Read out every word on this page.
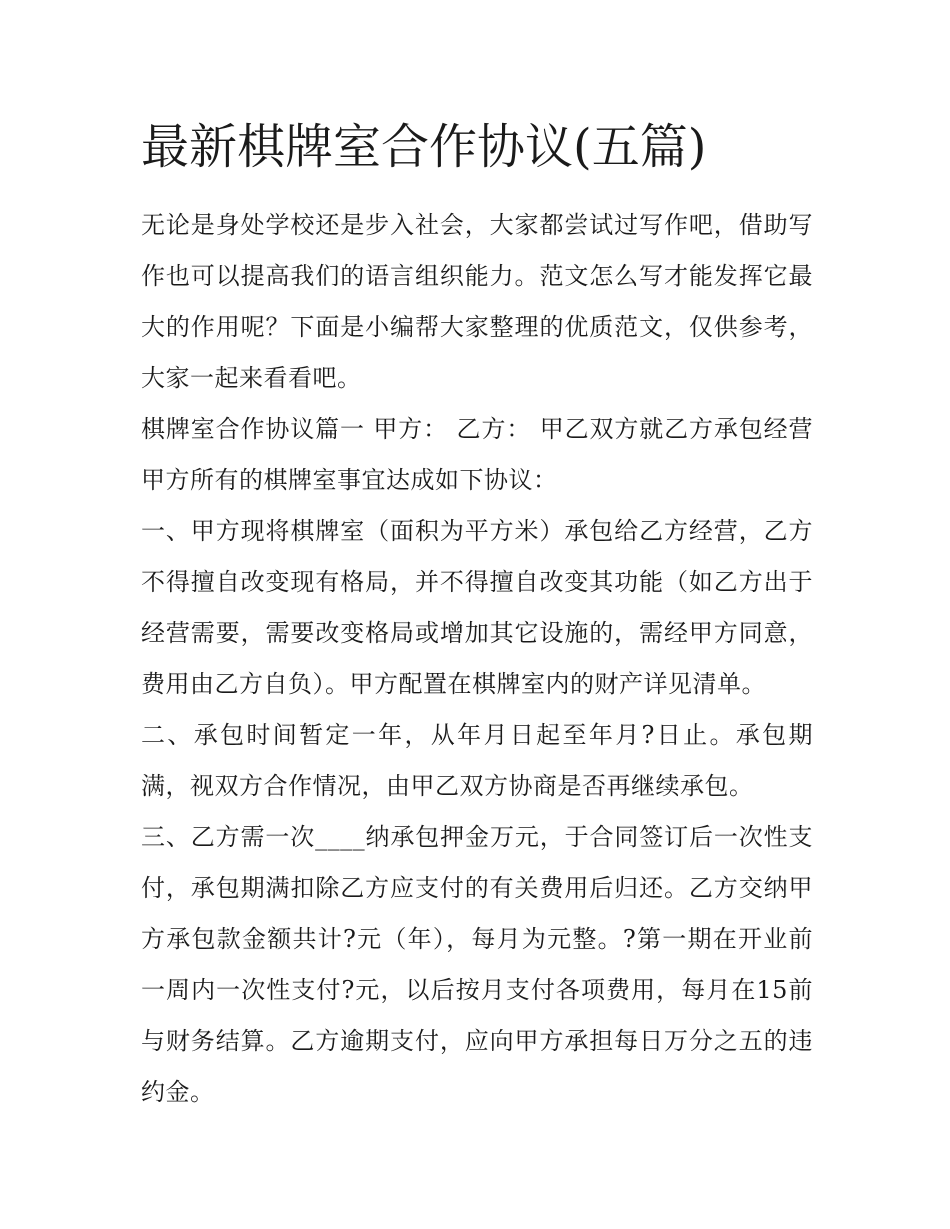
最新棋牌室合作协议(五篇)

无论是身处学校还是步入社会，大家都尝试过写作吧，借助写作也可以提高我们的语言组织能力。范文怎么写才能发挥它最大的作用呢？下面是小编帮大家整理的优质范文，仅供参考，大家一起来看看吧。

棋牌室合作协议篇一 甲方： 乙方： 甲乙双方就乙方承包经营甲方所有的棋牌室事宜达成如下协议：

一、甲方现将棋牌室（面积为平方米）承包给乙方经营，乙方不得擅自改变现有格局，并不得擅自改变其功能（如乙方出于经营需要，需要改变格局或增加其它设施的，需经甲方同意，费用由乙方自负）。甲方配置在棋牌室内的财产详见清单。

二、承包时间暂定一年，从年月日起至年月?日止。承包期满，视双方合作情况，由甲乙双方协商是否再继续承包。

三、乙方需一次____纳承包押金万元，于合同签订后一次性支付，承包期满扣除乙方应支付的有关费用后归还。乙方交纳甲方承包款金额共计?元（年），每月为元整。?第一期在开业前一周内一次性支付?元，以后按月支付各项费用，每月在15前与财务结算。乙方逾期支付，应向甲方承担每日万分之五的违约金。
